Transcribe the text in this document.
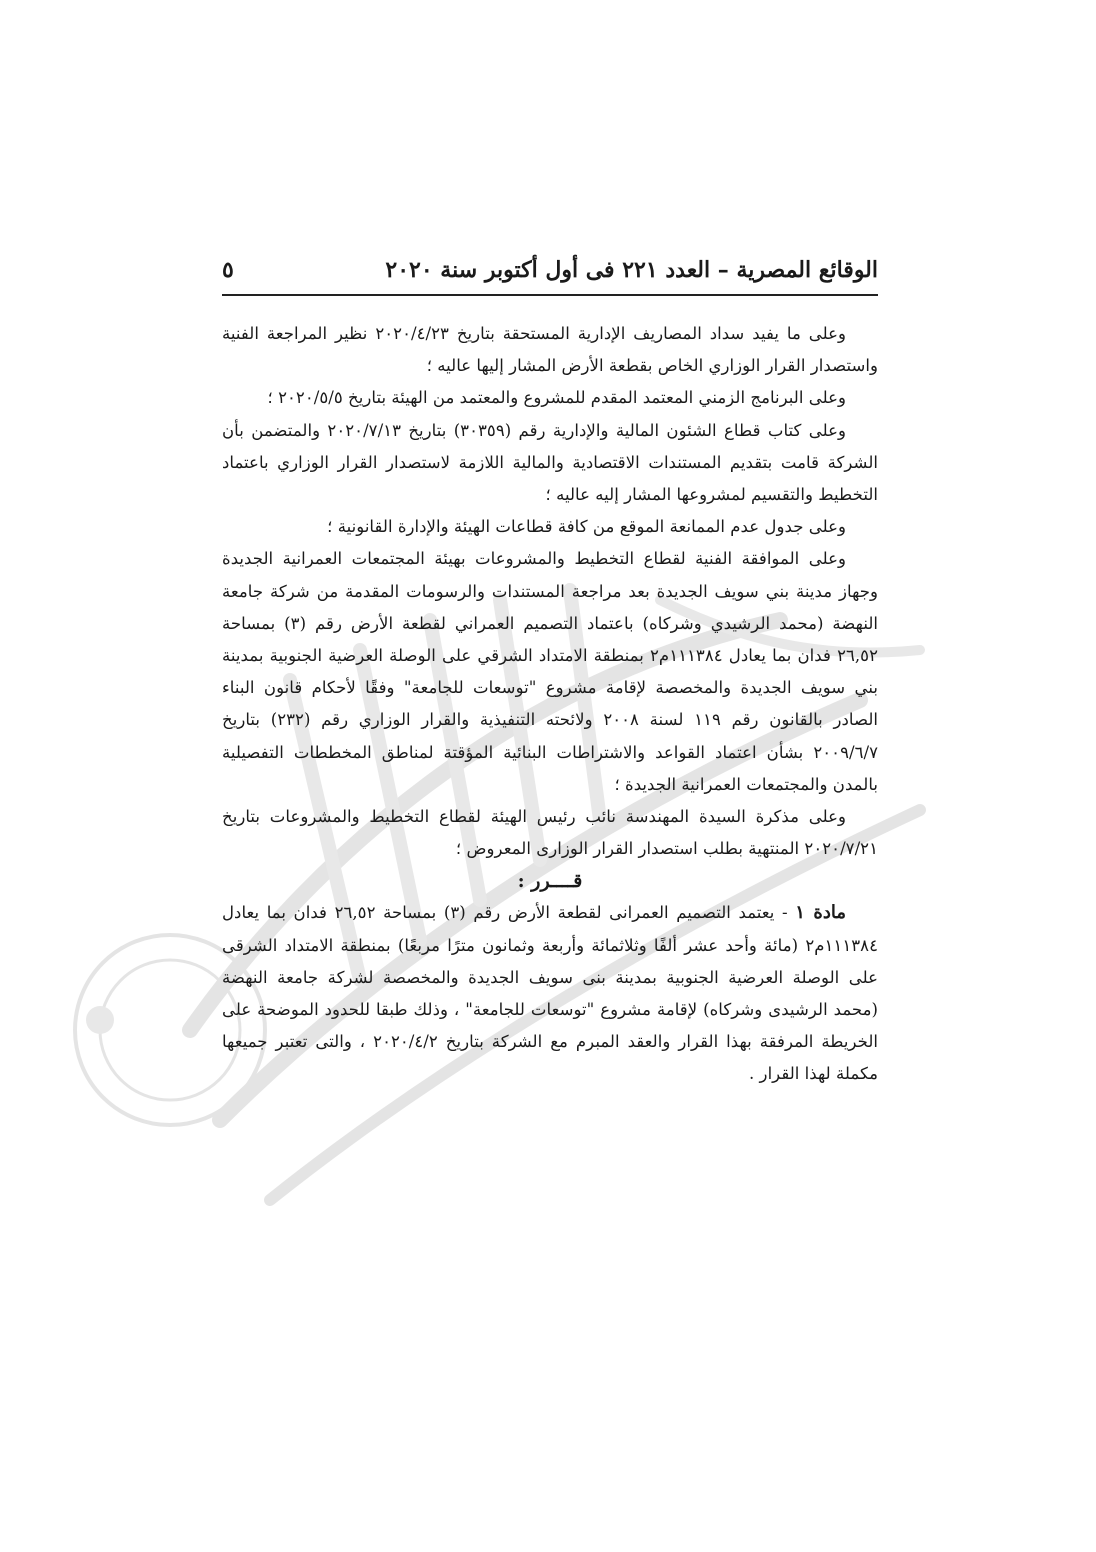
٥	الوقائع المصرية – العدد ٢٢١ فى أول أكتوبر سنة ٢٠٢٠

وعلى ما يفيد سداد المصاريف الإدارية المستحقة بتاريخ ٢٠٢٠/٤/٢٣ نظير المراجعة الفنية واستصدار القرار الوزاري الخاص بقطعة الأرض المشار إليها عاليه ؛

وعلى البرنامج الزمني المعتمد المقدم للمشروع والمعتمد من الهيئة بتاريخ ٢٠٢٠/٥/٥ ؛

وعلى كتاب قطاع الشئون المالية والإدارية رقم (٣٠٣٥٩) بتاريخ ٢٠٢٠/٧/١٣ والمتضمن بأن الشركة قامت بتقديم المستندات الاقتصادية والمالية اللازمة لاستصدار القرار الوزاري باعتماد التخطيط والتقسيم لمشروعها المشار إليه عاليه ؛

وعلى جدول عدم الممانعة الموقع من كافة قطاعات الهيئة والإدارة القانونية ؛

وعلى الموافقة الفنية لقطاع التخطيط والمشروعات بهيئة المجتمعات العمرانية الجديدة وجهاز مدينة بني سويف الجديدة بعد مراجعة المستندات والرسومات المقدمة من شركة جامعة النهضة (محمد الرشيدي وشركاه) باعتماد التصميم العمراني لقطعة الأرض رقم (٣) بمساحة ٢٦,٥٢ فدان بما يعادل ١١١٣٨٤م٢ بمنطقة الامتداد الشرقي على الوصلة العرضية الجنوبية بمدينة بني سويف الجديدة والمخصصة لإقامة مشروع "توسعات للجامعة" وفقًا لأحكام قانون البناء الصادر بالقانون رقم ١١٩ لسنة ٢٠٠٨ ولائحته التنفيذية والقرار الوزاري رقم (٢٣٢) بتاريخ ٢٠٠٩/٦/٧ بشأن اعتماد القواعد والاشتراطات البنائية المؤقتة لمناطق المخططات التفصيلية بالمدن والمجتمعات العمرانية الجديدة ؛

وعلى مذكرة السيدة المهندسة نائب رئيس الهيئة لقطاع التخطيط والمشروعات بتاريخ ٢٠٢٠/٧/٢١ المنتهية بطلب استصدار القرار الوزارى المعروض ؛

قــــرر :

مادة ١ - يعتمد التصميم العمرانى لقطعة الأرض رقم (٣) بمساحة ٢٦,٥٢ فدان بما يعادل ١١١٣٨٤م٢ (مائة وأحد عشر ألفًا وثلاثمائة وأربعة وثمانون مترًا مربعًا) بمنطقة الامتداد الشرقى على الوصلة العرضية الجنوبية بمدينة بنى سويف الجديدة والمخصصة لشركة جامعة النهضة (محمد الرشيدى وشركاه) لإقامة مشروع "توسعات للجامعة" ، وذلك طبقا للحدود الموضحة على الخريطة المرفقة بهذا القرار والعقد المبرم مع الشركة بتاريخ ٢٠٢٠/٤/٢ ، والتى تعتبر جميعها مكملة لهذا القرار .
